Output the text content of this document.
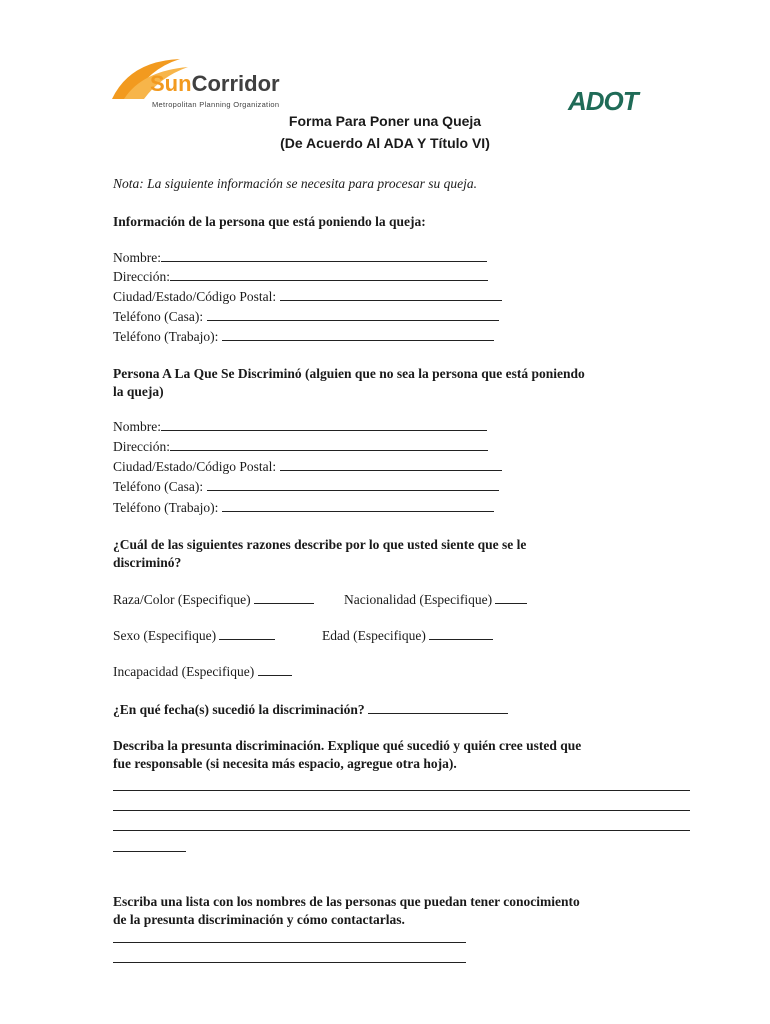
SunCorridor
Metropolitan Planning Organization	ADOT
Forma Para Poner una Queja
(De Acuerdo Al ADA Y Título VI)
Nota: La siguiente información se necesita para procesar su queja.
Información de la persona que está poniendo la queja:
Nombre:
Dirección:
Ciudad/Estado/Código Postal:
Teléfono (Casa):
Teléfono (Trabajo):
Persona A La Que Se Discriminó (alguien que no sea la persona que está poniendo
la queja)
Nombre:
Dirección:
Ciudad/Estado/Código Postal:
Teléfono (Casa):
Teléfono (Trabajo):
¿Cuál de las siguientes razones describe por lo que usted siente que se le
discriminó?
Raza/Color (Especifique)	Nacionalidad (Especifique)
Sexo (Especifique)	Edad (Especifique)
Incapacidad (Especifique)
¿En qué fecha(s) sucedió la discriminación?
Describa la presunta discriminación. Explique qué sucedió y quién cree usted que
fue responsable (si necesita más espacio, agregue otra hoja).
Escriba una lista con los nombres de las personas que puedan tener conocimiento
de la presunta discriminación y cómo contactarlas.
